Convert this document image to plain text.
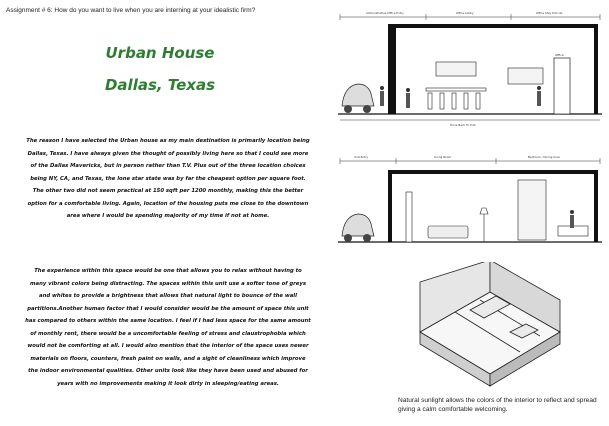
Assignment # 6: How do you want to live when you are interning at your idealistic firm?
Urban House
Dallas, Texas
The reason I have selected the Urban house as my main destination is primarily location being
Dallas, Texas. I have always given the thought of possibly living here so that I could see more
of the Dallas Mavericks, but in person rather than T.V. Plus out of the three location choices
being NY, CA, and Texas, the lone star state was by far the cheapest option per square foot.
The other two did not seem practical at 150 sqft per 1200 monthly, making this the better
option for a comfortable living. Again, location of the housing puts me close to the downtown
area where I would be spending majority of my time if not at home.
The experience within this space would be one that allows you to relax without having to
many vibrant colors being distracting. The spaces within this unit use a softer tone of greys
and whites to provide a brightness that allows that natural light to bounce of the wall
partitions.Another human factor that I would consider would be the amount of space this unit
has compared to others within the same location. I feel if I had less space for the same amount
of monthly rent, there would be a uncomfortable feeling of stress and claustrophobia which
would not be comforting at all. I would also mention that the interior of the space uses newer
materials on floors, counters, fresh paint on walls, and a sight of cleanliness which improve
the indoor environmental qualities. Other units look like they have been used and abused for
years with no improvements making it look dirty in sleeping/eating areas.
Administrative Office Entry	Office Lobby	Office Stay Pick Up
Office
Drive Back To Unit
Unit Entry	Living Room	Bedroom / Dining Area
Natural sunlight allows the colors of the interior to reflect and spread giving a calm comfortable welcoming.
